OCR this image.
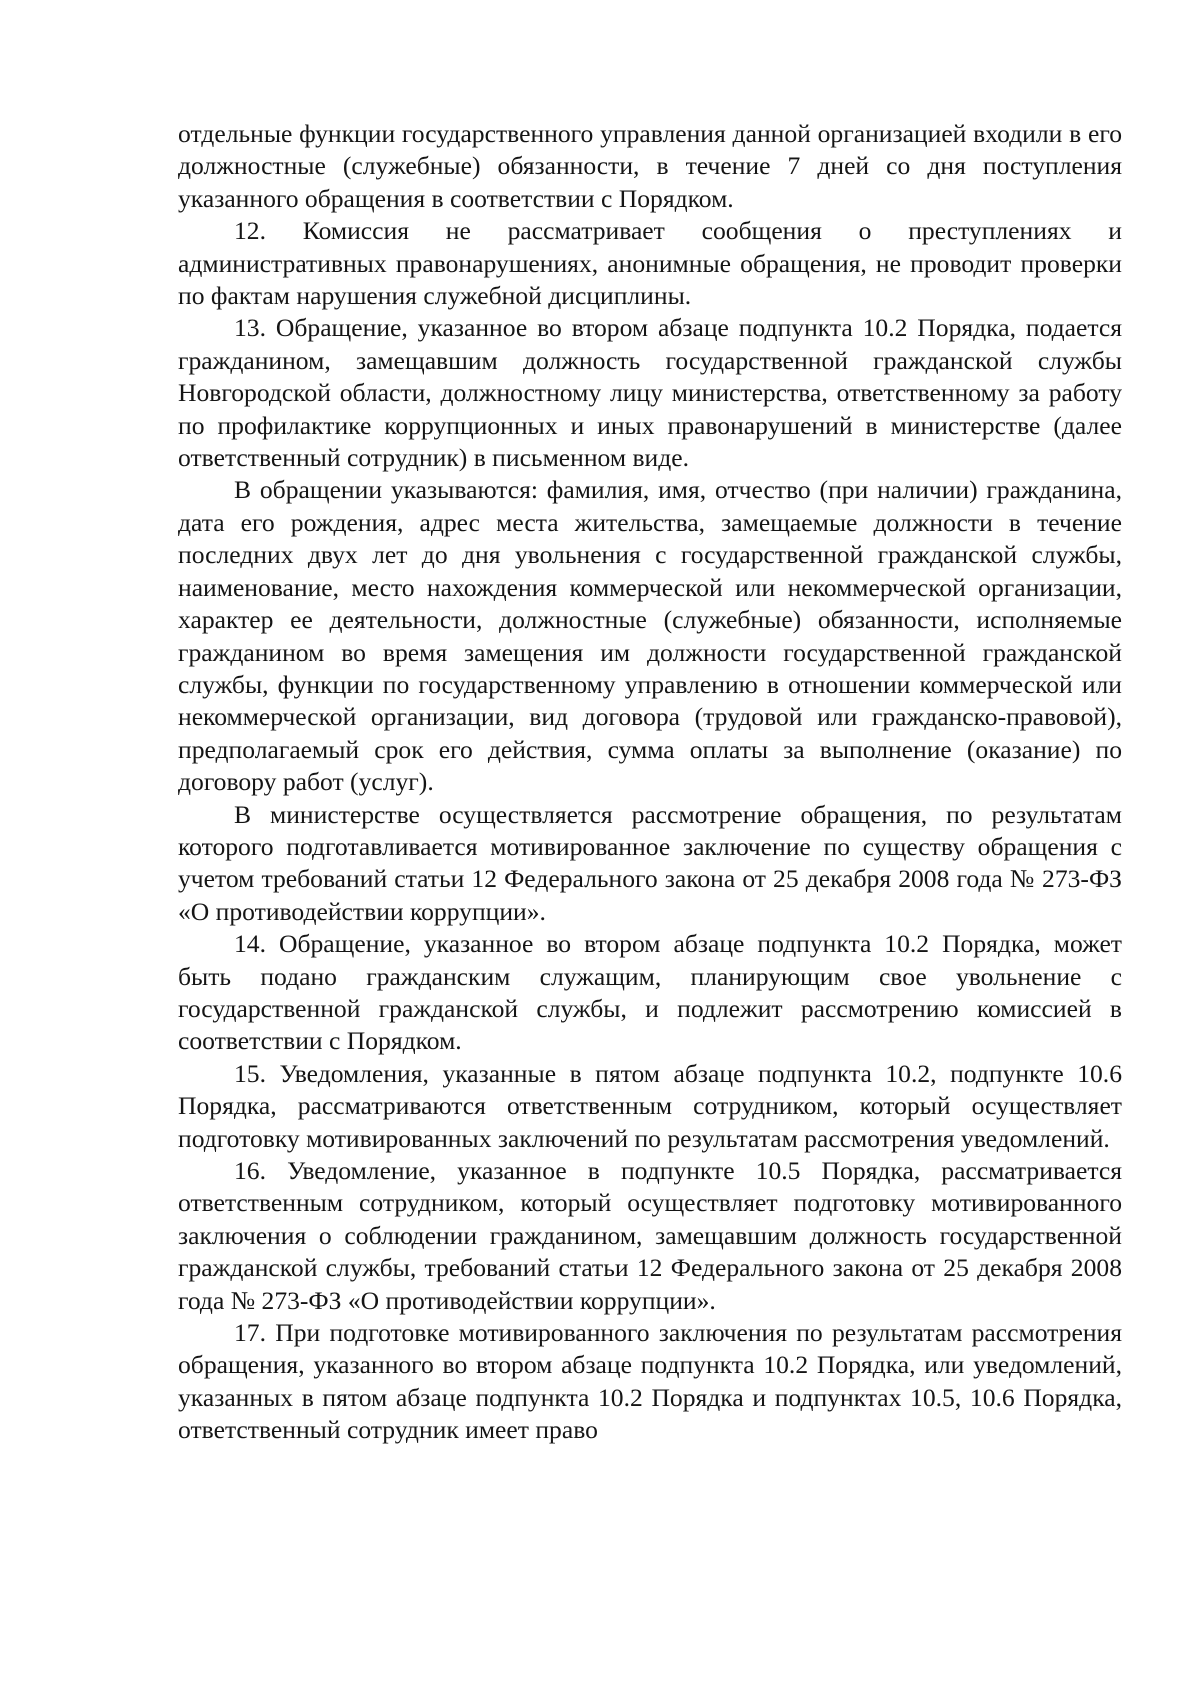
отдельные функции государственного управления данной организацией входили в его должностные (служебные) обязанности, в течение 7 дней со дня поступления указанного обращения в соответствии с Порядком.

12. Комиссия не рассматривает сообщения о преступлениях и административных правонарушениях, анонимные обращения, не проводит проверки по фактам нарушения служебной дисциплины.

13. Обращение, указанное во втором абзаце подпункта 10.2 Порядка, подается гражданином, замещавшим должность государственной гражданской службы Новгородской области, должностному лицу министерства, ответственному за работу по профилактике коррупционных и иных правонарушений в министерстве (далее ответственный сотрудник) в письменном виде.

В обращении указываются: фамилия, имя, отчество (при наличии) гражданина, дата его рождения, адрес места жительства, замещаемые должности в течение последних двух лет до дня увольнения с государственной гражданской службы, наименование, место нахождения коммерческой или некоммерческой организации, характер ее деятельности, должностные (служебные) обязанности, исполняемые гражданином во время замещения им должности государственной гражданской службы, функции по государственному управлению в отношении коммерческой или некоммерческой организации, вид договора (трудовой или гражданско-правовой), предполагаемый срок его действия, сумма оплаты за выполнение (оказание) по договору работ (услуг).

В министерстве осуществляется рассмотрение обращения, по результатам которого подготавливается мотивированное заключение по существу обращения с учетом требований статьи 12 Федерального закона от 25 декабря 2008 года № 273-ФЗ «О противодействии коррупции».

14. Обращение, указанное во втором абзаце подпункта 10.2 Порядка, может быть подано гражданским служащим, планирующим свое увольнение с государственной гражданской службы, и подлежит рассмотрению комиссией в соответствии с Порядком.

15. Уведомления, указанные в пятом абзаце подпункта 10.2, подпункте 10.6 Порядка, рассматриваются ответственным сотрудником, который осуществляет подготовку мотивированных заключений по результатам рассмотрения уведомлений.

16. Уведомление, указанное в подпункте 10.5 Порядка, рассматривается ответственным сотрудником, который осуществляет подготовку мотивированного заключения о соблюдении гражданином, замещавшим должность государственной гражданской службы, требований статьи 12 Федерального закона от 25 декабря 2008 года № 273-ФЗ «О противодействии коррупции».

17. При подготовке мотивированного заключения по результатам рассмотрения обращения, указанного во втором абзаце подпункта 10.2 Порядка, или уведомлений, указанных в пятом абзаце подпункта 10.2 Порядка и подпунктах 10.5, 10.6 Порядка, ответственный сотрудник имеет право
